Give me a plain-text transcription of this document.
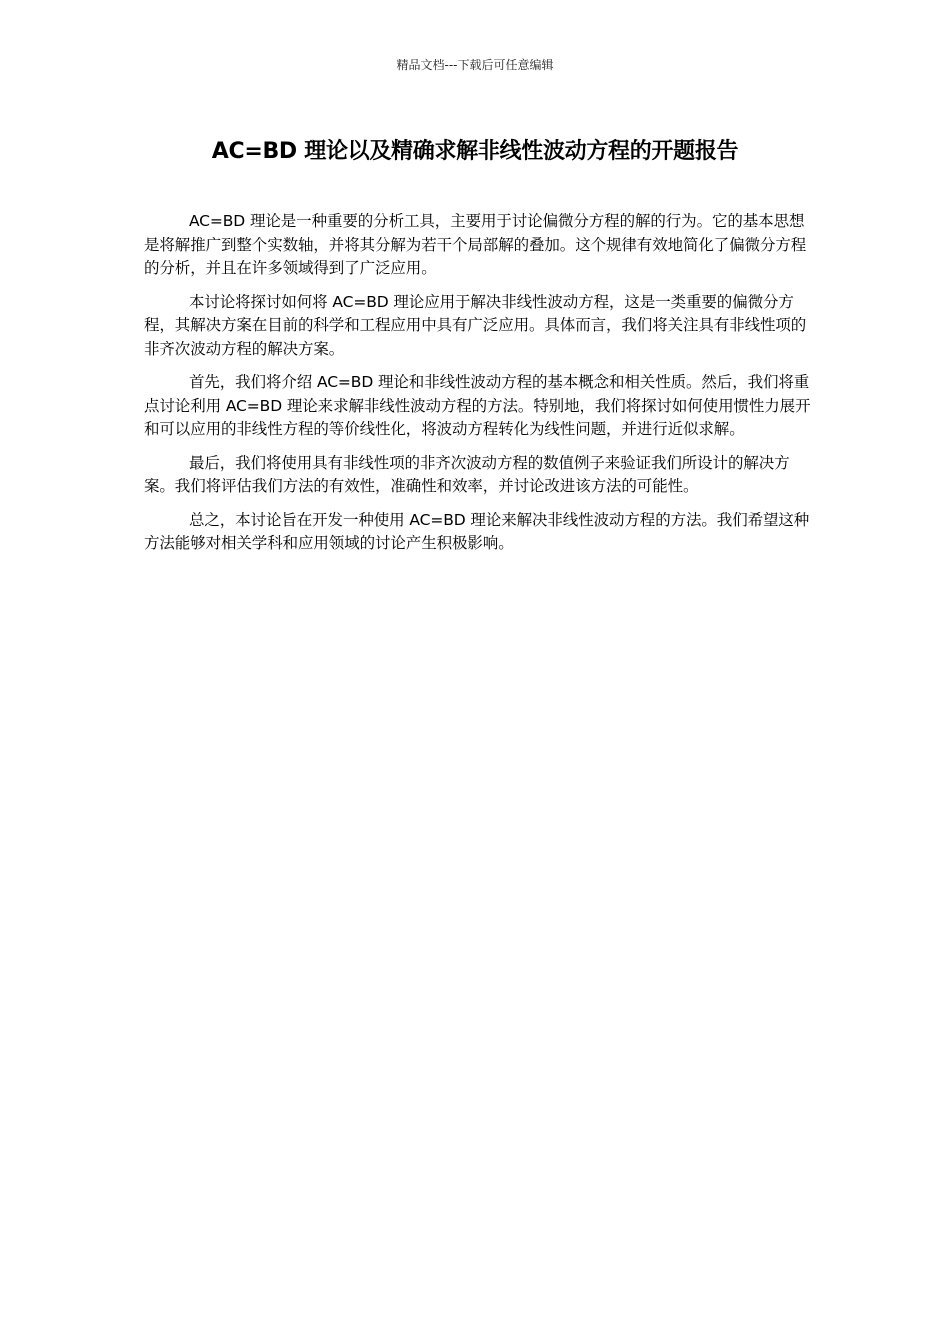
精品文档---下载后可任意编辑
AC=BD 理论以及精确求解非线性波动方程的开题报告

AC=BD 理论是一种重要的分析工具，主要用于讨论偏微分方程的解的行为。它的基本思想是将解推广到整个实数轴，并将其分解为若干个局部解的叠加。这个规律有效地简化了偏微分方程的分析，并且在许多领域得到了广泛应用。

本讨论将探讨如何将 AC=BD 理论应用于解决非线性波动方程，这是一类重要的偏微分方程，其解决方案在目前的科学和工程应用中具有广泛应用。具体而言，我们将关注具有非线性项的非齐次波动方程的解决方案。

首先，我们将介绍 AC=BD 理论和非线性波动方程的基本概念和相关性质。然后，我们将重点讨论利用 AC=BD 理论来求解非线性波动方程的方法。特别地，我们将探讨如何使用惯性力展开和可以应用的非线性方程的等价线性化，将波动方程转化为线性问题，并进行近似求解。

最后，我们将使用具有非线性项的非齐次波动方程的数值例子来验证我们所设计的解决方案。我们将评估我们方法的有效性，准确性和效率，并讨论改进该方法的可能性。

总之，本讨论旨在开发一种使用 AC=BD 理论来解决非线性波动方程的方法。我们希望这种方法能够对相关学科和应用领域的讨论产生积极影响。
